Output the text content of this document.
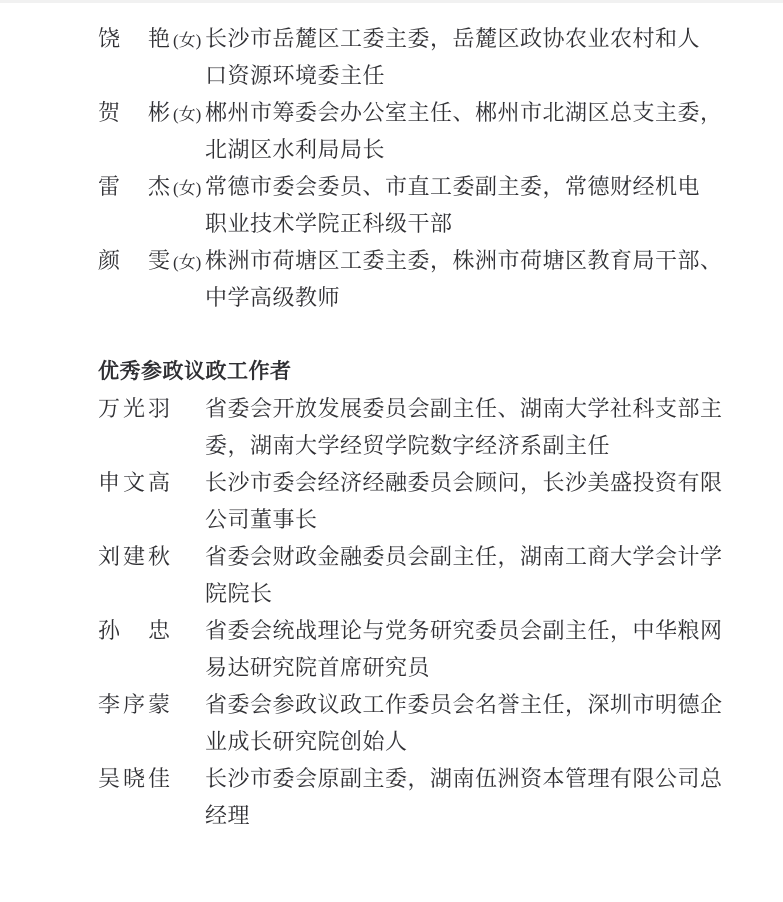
饶　艳(女) 长沙市岳麓区工委主委，岳麓区政协农业农村和人
口资源环境委主任
贺　彬(女) 郴州市筹委会办公室主任、郴州市北湖区总支主委，
北湖区水利局局长
雷　杰(女) 常德市委会委员、市直工委副主委，常德财经机电
职业技术学院正科级干部
颜　雯(女) 株洲市荷塘区工委主委，株洲市荷塘区教育局干部、
中学高级教师
优秀参政议政工作者
万光羽	省委会开放发展委员会副主任、湖南大学社科支部主
委，湖南大学经贸学院数字经济系副主任
申文高	长沙市委会经济经融委员会顾问，长沙美盛投资有限
公司董事长
刘建秋	省委会财政金融委员会副主任，湖南工商大学会计学
院院长
孙　忠	省委会统战理论与党务研究委员会副主任，中华粮网
易达研究院首席研究员
李序蒙	省委会参政议政工作委员会名誉主任，深圳市明德企
业成长研究院创始人
吴晓佳	长沙市委会原副主委，湖南伍洲资本管理有限公司总
经理
